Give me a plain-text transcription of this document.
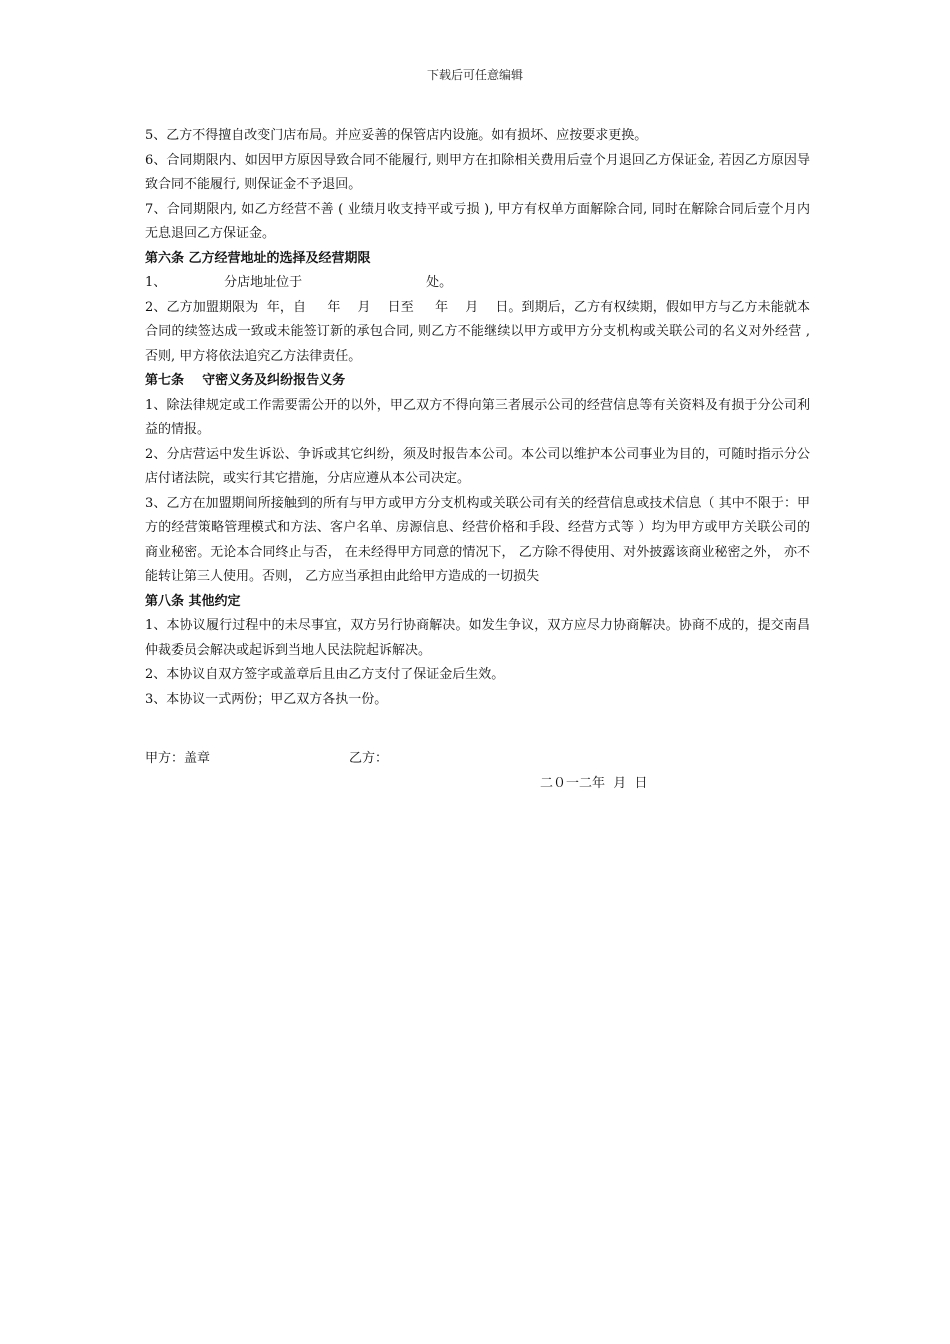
下载后可任意编辑

5、乙方不得擅自改变门店布局。并应妥善的保管店内设施。如有损坏、应按要求更换。

6、合同期限内、如因甲方原因导致合同不能履行, 则甲方在扣除相关费用后壹个月退回乙方保证金, 若因乙方原因导致合同不能履行, 则保证金不予退回。

7、合同期限内, 如乙方经营不善 ( 业绩月收支持平或亏损 ), 甲方有权单方面解除合同, 同时在解除合同后壹个月内无息退回乙方保证金。

第六条 乙方经营地址的选择及经营期限

1、              分店地址位于                              处。

2、乙方加盟期限为  年，自     年    月    日至     年    月    日。到期后，乙方有权续期，假如甲方与乙方未能就本合同的续签达成一致或未能签订新的承包合同, 则乙方不能继续以甲方或甲方分支机构或关联公司的名义对外经营 , 否则, 甲方将依法追究乙方法律责任。

第七条    守密义务及纠纷报告义务

1、除法律规定或工作需要需公开的以外，甲乙双方不得向第三者展示公司的经营信息等有关资料及有损于分公司利益的情报。

2、分店营运中发生诉讼、争诉或其它纠纷，须及时报告本公司。本公司以维护本公司事业为目的，可随时指示分公店付诸法院，或实行其它措施，分店应遵从本公司决定。

3、乙方在加盟期间所接触到的所有与甲方或甲方分支机构或关联公司有关的经营信息或技术信息（ 其中不限于：甲方的经营策略管理模式和方法、客户名单、房源信息、经营价格和手段、经营方式等 ）均为甲方或甲方关联公司的商业秘密。无论本合同终止与否， 在未经得甲方同意的情况下， 乙方除不得使用、对外披露该商业秘密之外， 亦不能转让第三人使用。否则， 乙方应当承担由此给甲方造成的一切损失

第八条 其他约定

1、本协议履行过程中的未尽事宜，双方另行协商解决。如发生争议，双方应尽力协商解决。协商不成的，提交南昌仲裁委员会解决或起诉到当地人民法院起诉解决。

2、本协议自双方签字或盖章后且由乙方支付了保证金后生效。

3、本协议一式两份；甲乙双方各执一份。

甲方：盖章	乙方：
二０一二年  月  日
